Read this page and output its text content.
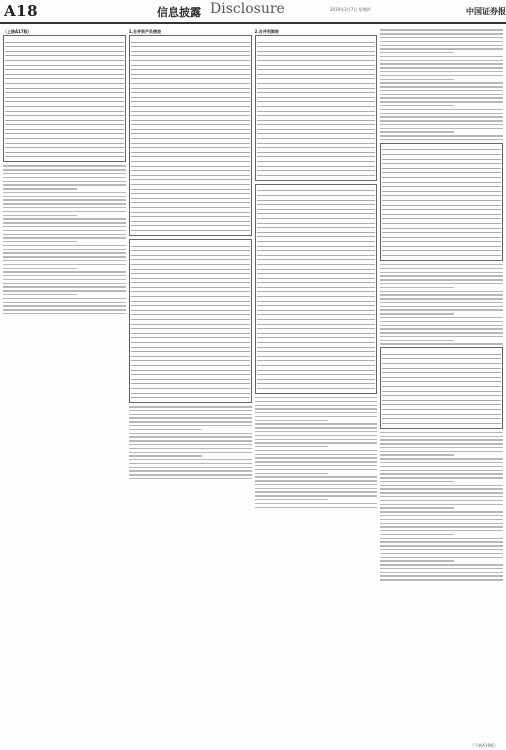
A18	信息披露 Disclosure	2019年3月7日 星期四	中国证券报
（上接A17版）

				1.合并资产负债表

				2.合并利润表

（下转A19版）
